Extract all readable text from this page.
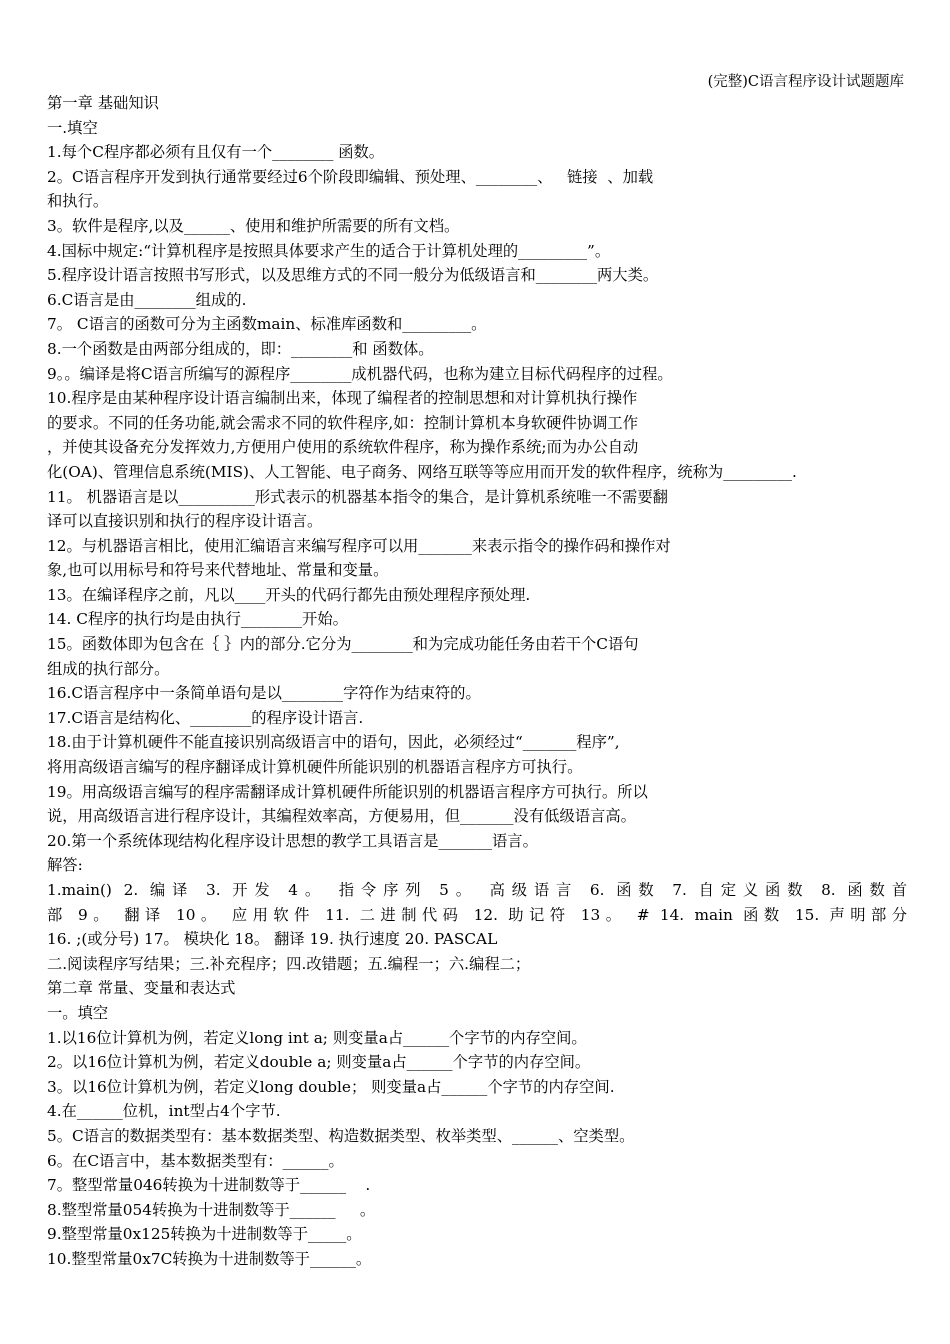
(完整)C语言程序设计试题题库
第一章 基础知识
一.填空
1.每个C程序都必须有且仅有一个________ 函数。
2。C语言程序开发到执行通常要经过6个阶段即编辑、预处理、________、   链接  、加载
和执行。
3。软件是程序,以及______、使用和维护所需要的所有文档。
4.国标中规定:“计算机程序是按照具体要求产生的适合于计算机处理的_________”。
5.程序设计语言按照书写形式，以及思维方式的不同一般分为低级语言和________两大类。
6.C语言是由________组成的.
7。 C语言的函数可分为主函数main、标准库函数和_________。
8.一个函数是由两部分组成的，即：________和 函数体。
9。。编译是将C语言所编写的源程序________成机器代码，也称为建立目标代码程序的过程。
10.程序是由某种程序设计语言编制出来，体现了编程者的控制思想和对计算机执行操作
的要求。不同的任务功能,就会需求不同的软件程序,如：控制计算机本身软硬件协调工作
，并使其设备充分发挥效力,方便用户使用的系统软件程序，称为操作系统;而为办公自动
化(OA)、管理信息系统(MIS)、人工智能、电子商务、网络互联等等应用而开发的软件程序，统称为_________.
11。 机器语言是以__________形式表示的机器基本指令的集合，是计算机系统唯一不需要翻
译可以直接识别和执行的程序设计语言。
12。与机器语言相比，使用汇编语言来编写程序可以用_______来表示指令的操作码和操作对
象,也可以用标号和符号来代替地址、常量和变量。
13。在编译程序之前，凡以____开头的代码行都先由预处理程序预处理.
14. C程序的执行均是由执行________开始。
15。函数体即为包含在｛ ｝内的部分.它分为________和为完成功能任务由若干个C语句
组成的执行部分。
16.C语言程序中一条简单语句是以________字符作为结束符的。
17.C语言是结构化、________的程序设计语言.
18.由于计算机硬件不能直接识别高级语言中的语句，因此，必须经过“_______程序”,
将用高级语言编写的程序翻译成计算机硬件所能识别的机器语言程序方可执行。
19。用高级语言编写的程序需翻译成计算机硬件所能识别的机器语言程序方可执行。所以
说，用高级语言进行程序设计，其编程效率高，方便易用，但_______没有低级语言高。
20.第一个系统体现结构化程序设计思想的教学工具语言是_______语言。
解答:
1.main() 2. 编译 3. 开发 4。 指令序列 5。 高级语言 6. 函数 7. 自定义函数 8. 函数首
部 9。 翻译 10。 应用软件 11. 二进制代码 12. 助记符 13。 # 14. main 函数 15. 声明部分
16. ;(或分号) 17。 模块化 18。 翻译 19. 执行速度 20. PASCAL
二.阅读程序写结果；三.补充程序；四.改错题；五.编程一；六.编程二；
第二章 常量、变量和表达式
一。填空
1.以16位计算机为例，若定义long int a; 则变量a占______个字节的内存空间。
2。以16位计算机为例，若定义double a; 则变量a占______个字节的内存空间。
3。以16位计算机为例，若定义long double； 则变量a占______个字节的内存空间.
4.在______位机，int型占4个字节.
5。C语言的数据类型有：基本数据类型、构造数据类型、枚举类型、______、空类型。
6。在C语言中，基本数据类型有：______。
7。整型常量046转换为十进制数等于______    .
8.整型常量054转换为十进制数等于______     。
9.整型常量0x125转换为十进制数等于_____。
10.整型常量0x7C转换为十进制数等于______。
